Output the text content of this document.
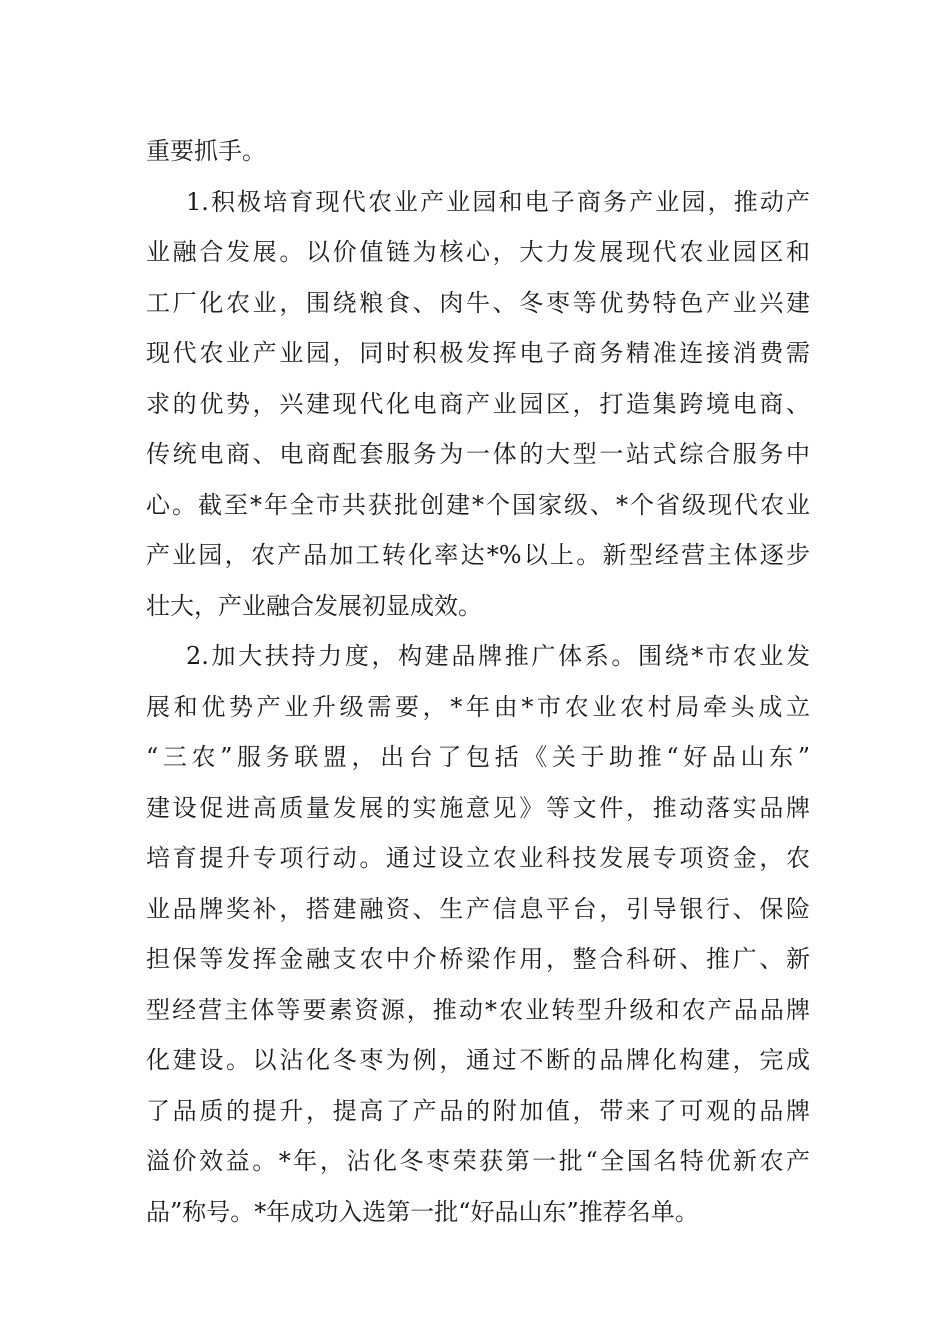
重要抓手。
1.积极培育现代农业产业园和电子商务产业园，推动产
业融合发展。以价值链为核心，大力发展现代农业园区和
工厂化农业，围绕粮食、肉牛、冬枣等优势特色产业兴建
现代农业产业园，同时积极发挥电子商务精准连接消费需
求的优势，兴建现代化电商产业园区，打造集跨境电商、
传统电商、电商配套服务为一体的大型一站式综合服务中
心。截至*年全市共获批创建*个国家级、*个省级现代农业
产业园，农产品加工转化率达*%以上。新型经营主体逐步
壮大，产业融合发展初显成效。
2.加大扶持力度，构建品牌推广体系。围绕*市农业发
展和优势产业升级需要，*年由*市农业农村局牵头成立
“三农”服务联盟，出台了包括《关于助推“好品山东”
建设促进高质量发展的实施意见》等文件，推动落实品牌
培育提升专项行动。通过设立农业科技发展专项资金，农
业品牌奖补，搭建融资、生产信息平台，引导银行、保险
担保等发挥金融支农中介桥梁作用，整合科研、推广、新
型经营主体等要素资源，推动*农业转型升级和农产品品牌
化建设。以沾化冬枣为例，通过不断的品牌化构建，完成
了品质的提升，提高了产品的附加值，带来了可观的品牌
溢价效益。*年，沾化冬枣荣获第一批“全国名特优新农产
品”称号。*年成功入选第一批“好品山东”推荐名单。
